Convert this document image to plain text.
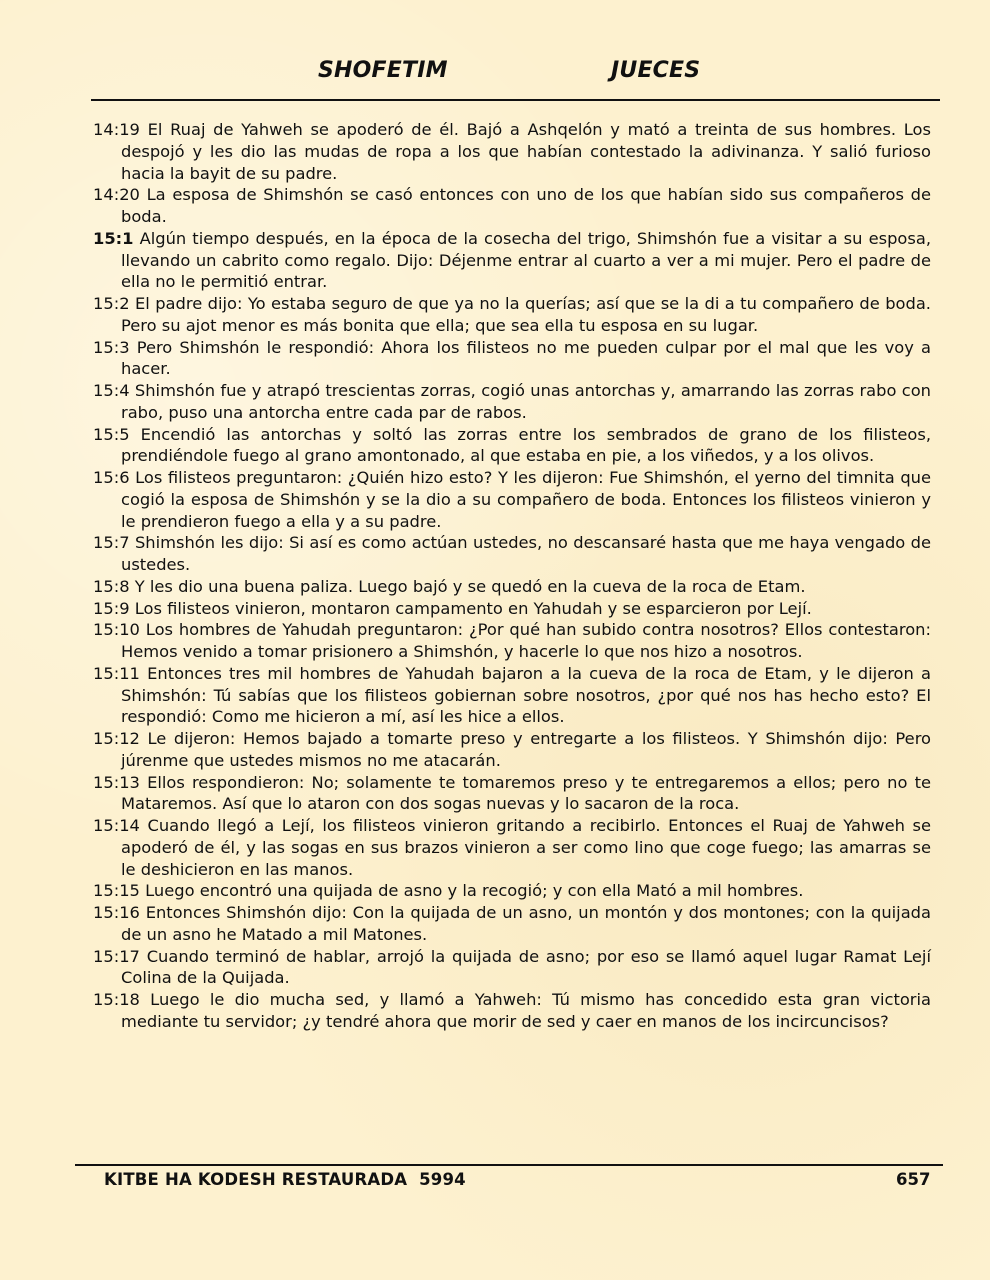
SHOFETIM	JUECES

14:19 El Ruaj de Yahweh se apoderó de él. Bajó a Ashqelón y mató a treinta de sus hombres. Los despojó y les dio las mudas de ropa a los que habían contestado la adivinanza. Y salió furioso hacia la bayit de su padre.

14:20 La esposa de Shimshón se casó entonces con uno de los que habían sido sus compañeros de boda.

15:1 Algún tiempo después, en la época de la cosecha del trigo, Shimshón fue a visitar a su esposa, llevando un cabrito como regalo. Dijo: Déjenme entrar al cuarto a ver a mi mujer. Pero el padre de ella no le permitió entrar.

15:2 El padre dijo: Yo estaba seguro de que ya no la querías; así que se la di a tu compañero de boda. Pero su ajot menor es más bonita que ella; que sea ella tu esposa en su lugar.

15:3 Pero Shimshón le respondió: Ahora los filisteos no me pueden culpar por el mal que les voy a hacer.

15:4 Shimshón fue y atrapó trescientas zorras, cogió unas antorchas y, amarrando las zorras rabo con rabo, puso una antorcha entre cada par de rabos.

15:5 Encendió las antorchas y soltó las zorras entre los sembrados de grano de los filisteos, prendiéndole fuego al grano amontonado, al que estaba en pie, a los viñedos, y a los olivos.

15:6 Los filisteos preguntaron: ¿Quién hizo esto? Y les dijeron: Fue Shimshón, el yerno del timnita que cogió la esposa de Shimshón y se la dio a su compañero de boda. Entonces los filisteos vinieron y le prendieron fuego a ella y a su padre.

15:7 Shimshón les dijo: Si así es como actúan ustedes, no descansaré hasta que me haya vengado de ustedes.

15:8 Y les dio una buena paliza. Luego bajó y se quedó en la cueva de la roca de Etam.

15:9 Los filisteos vinieron, montaron campamento en Yahudah y se esparcieron por Lejí.

15:10 Los hombres de Yahudah preguntaron: ¿Por qué han subido contra nosotros? Ellos contestaron: Hemos venido a tomar prisionero a Shimshón, y hacerle lo que nos hizo a nosotros.

15:11 Entonces tres mil hombres de Yahudah bajaron a la cueva de la roca de Etam, y le dijeron a Shimshón: Tú sabías que los filisteos gobiernan sobre nosotros, ¿por qué nos has hecho esto? El respondió: Como me hicieron a mí, así les hice a ellos.

15:12 Le dijeron: Hemos bajado a tomarte preso y entregarte a los filisteos. Y Shimshón dijo: Pero júrenme que ustedes mismos no me atacarán.

15:13 Ellos respondieron: No; solamente te tomaremos preso y te entregaremos a ellos; pero no te Mataremos. Así que lo ataron con dos sogas nuevas y lo sacaron de la roca.

15:14 Cuando llegó a Lejí, los filisteos vinieron gritando a recibirlo. Entonces el Ruaj de Yahweh se apoderó de él, y las sogas en sus brazos vinieron a ser como lino que coge fuego; las amarras se le deshicieron en las manos.

15:15 Luego encontró una quijada de asno y la recogió; y con ella Mató a mil hombres.

15:16 Entonces Shimshón dijo: Con la quijada de un asno, un montón y dos montones; con la quijada de un asno he Matado a mil Matones.

15:17 Cuando terminó de hablar, arrojó la quijada de asno; por eso se llamó aquel lugar Ramat Lejí Colina de la Quijada.

15:18 Luego le dio mucha sed, y llamó a Yahweh: Tú mismo has concedido esta gran victoria mediante tu servidor; ¿y tendré ahora que morir de sed y caer en manos de los incircuncisos?

KITBE HA KODESH RESTAURADA  5994	657
